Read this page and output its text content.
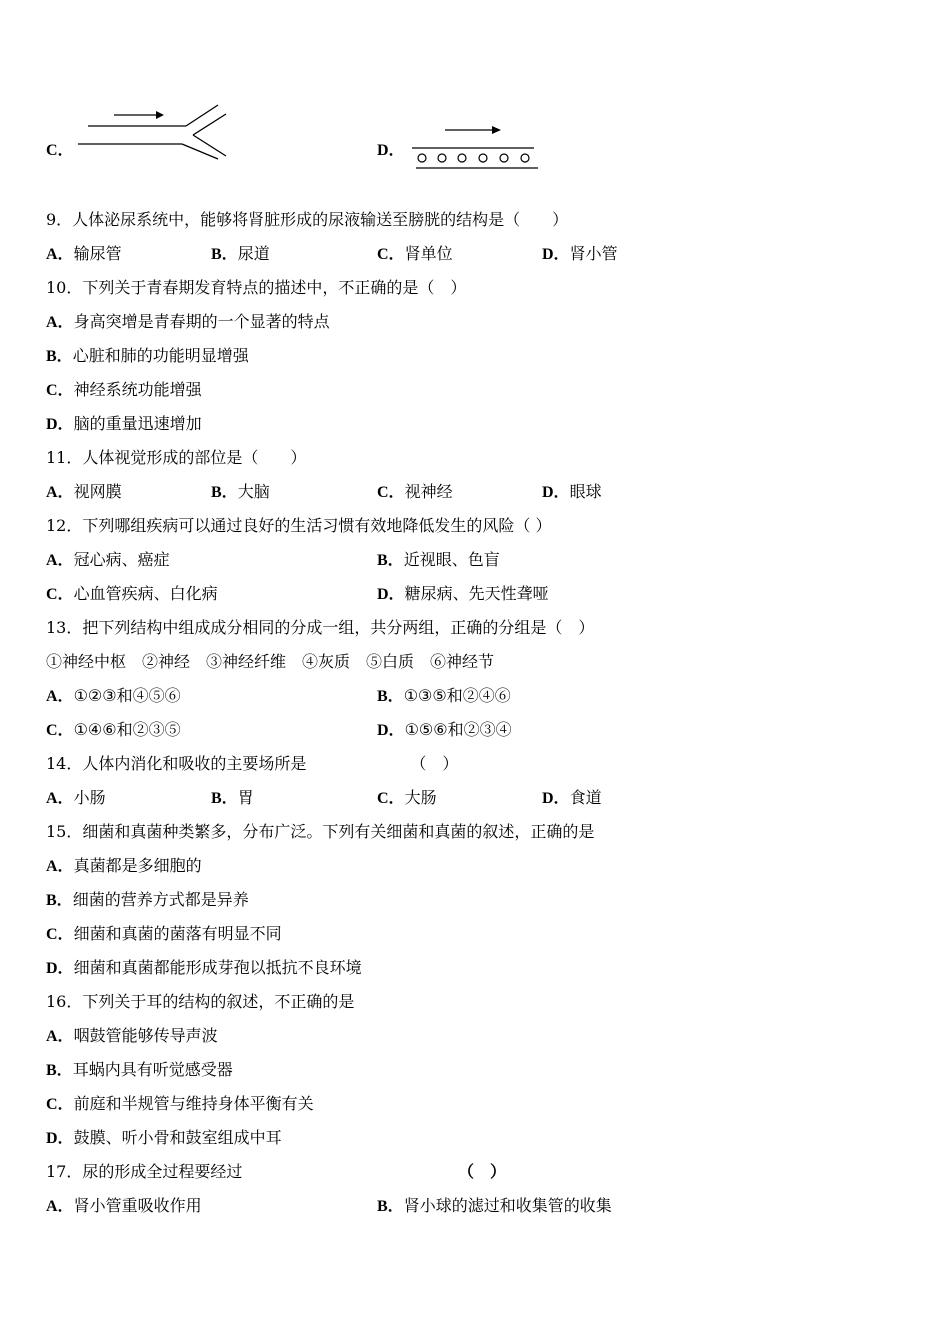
C．	D．
9．人体泌尿系统中，能够将肾脏形成的尿液输送至膀胱的结构是（　　）
A．输尿管	B．尿道	C．肾单位	D．肾小管
10．下列关于青春期发育特点的描述中，不正确的是（　）
A．身高突增是青春期的一个显著的特点
B．心脏和肺的功能明显增强
C．神经系统功能增强
D．脑的重量迅速增加
11．人体视觉形成的部位是（　　）
A．视网膜	B．大脑	C．视神经	D．眼球
12．下列哪组疾病可以通过良好的生活习惯有效地降低发生的风险（ ）
A．冠心病、癌症	B．近视眼、色盲
C．心血管疾病、白化病	D．糖尿病、先天性聋哑
13．把下列结构中组成成分相同的分成一组，共分两组，正确的分组是（　）
①神经中枢　②神经　③神经纤维　④灰质　⑤白质　⑥神经节
A．①②③和④⑤⑥	B．①③⑤和②④⑥
C．①④⑥和②③⑤	D．①⑤⑥和②③④
14．人体内消化和吸收的主要场所是　　　　　　　（　）
A．小肠	B．胃	C．大肠	D．食道
15．细菌和真菌种类繁多，分布广泛。下列有关细菌和真菌的叙述，正确的是
A．真菌都是多细胞的
B．细菌的营养方式都是异养
C．细菌和真菌的菌落有明显不同
D．细菌和真菌都能形成芽孢以抵抗不良环境
16．下列关于耳的结构的叙述，不正确的是
A．咽鼓管能够传导声波
B．耳蜗内具有听觉感受器
C．前庭和半规管与维持身体平衡有关
D．鼓膜、听小骨和鼓室组成中耳
17．尿的形成全过程要经过	（　）
A．肾小管重吸收作用	B．肾小球的滤过和收集管的收集
